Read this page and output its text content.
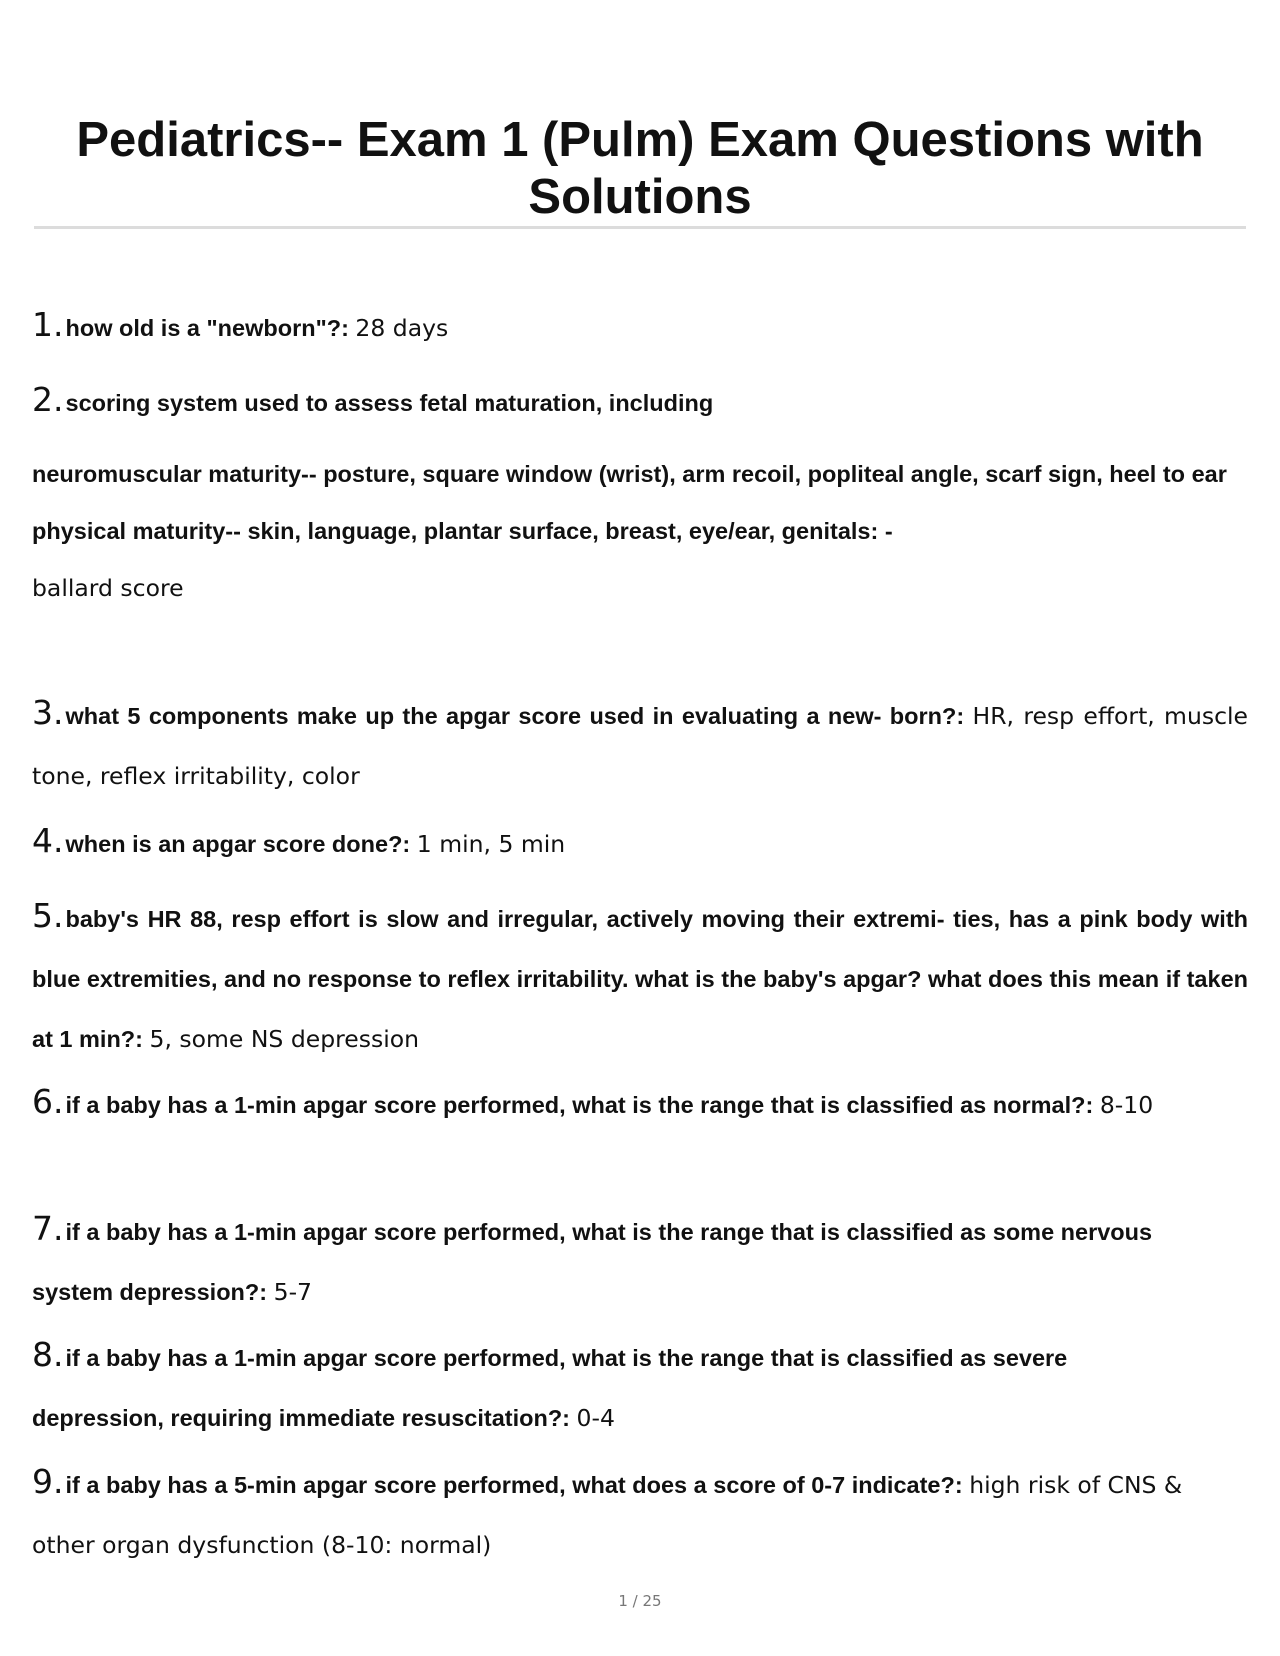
Pediatrics-- Exam 1 (Pulm) Exam Questions with Solutions
1.how old is a "newborn"?: 28 days
2.scoring system used to assess fetal maturation, including
neuromuscular maturity-- posture, square window (wrist), arm recoil, popliteal angle, scarf sign, heel to ear
physical maturity-- skin, language, plantar surface, breast, eye/ear, genitals: -
ballard score
3.what 5 components make up the apgar score used in evaluating a new- born?: HR, resp effort, muscle tone, reflex irritability, color
4.when is an apgar score done?: 1 min, 5 min
5.baby's HR 88, resp effort is slow and irregular, actively moving their extremi- ties, has a pink body with blue extremities, and no response to reflex irritability. what is the baby's apgar? what does this mean if taken at 1 min?: 5, some NS depression
6.if a baby has a 1-min apgar score performed, what is the range that is classified as normal?: 8-10
7.if a baby has a 1-min apgar score performed, what is the range that is classified as some nervous system depression?: 5-7
8.if a baby has a 1-min apgar score performed, what is the range that is classified as severe depression, requiring immediate resuscitation?: 0-4
9.if a baby has a 5-min apgar score performed, what does a score of 0-7 indicate?: high risk of CNS & other organ dysfunction (8-10: normal)
1 / 25
